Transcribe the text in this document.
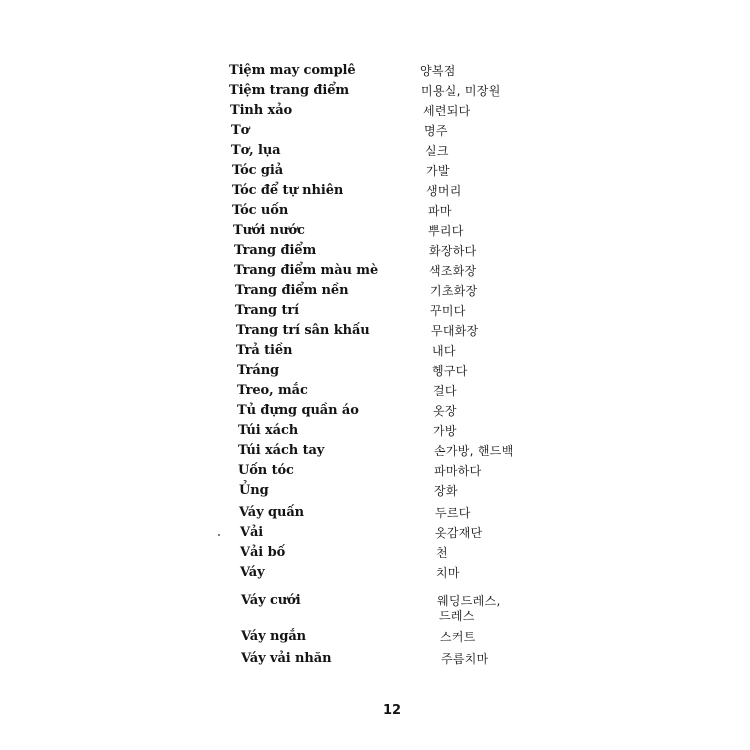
Tiệm may complê	양복점
Tiệm trang điểm	미용실, 미장원
Tinh xảo	세련되다
Tơ	명주
Tơ, lụa	실크
Tóc giả	가발
Tóc để tự nhiên	생머리
Tóc uốn	파마
Tưới nước	뿌리다
Trang điểm	화장하다
Trang điểm màu mè	색조화장
Trang điểm nền	기초화장
Trang trí	꾸미다
Trang trí sân khấu	무대화장
Trả tiền	내다
Tráng	헹구다
Treo, mắc	걸다
Tủ đựng quần áo	옷장
Túi xách	가방
Túi xách tay	손가방, 핸드백
Uốn tóc	파마하다
Ủng	장화
Váy quấn	두르다
Vải	옷감재단
Vải bố	천
Váy	치마
Váy cưới	웨딩드레스,
드레스
Váy ngắn	스커트
Váy vải nhăn	주름치마
12
